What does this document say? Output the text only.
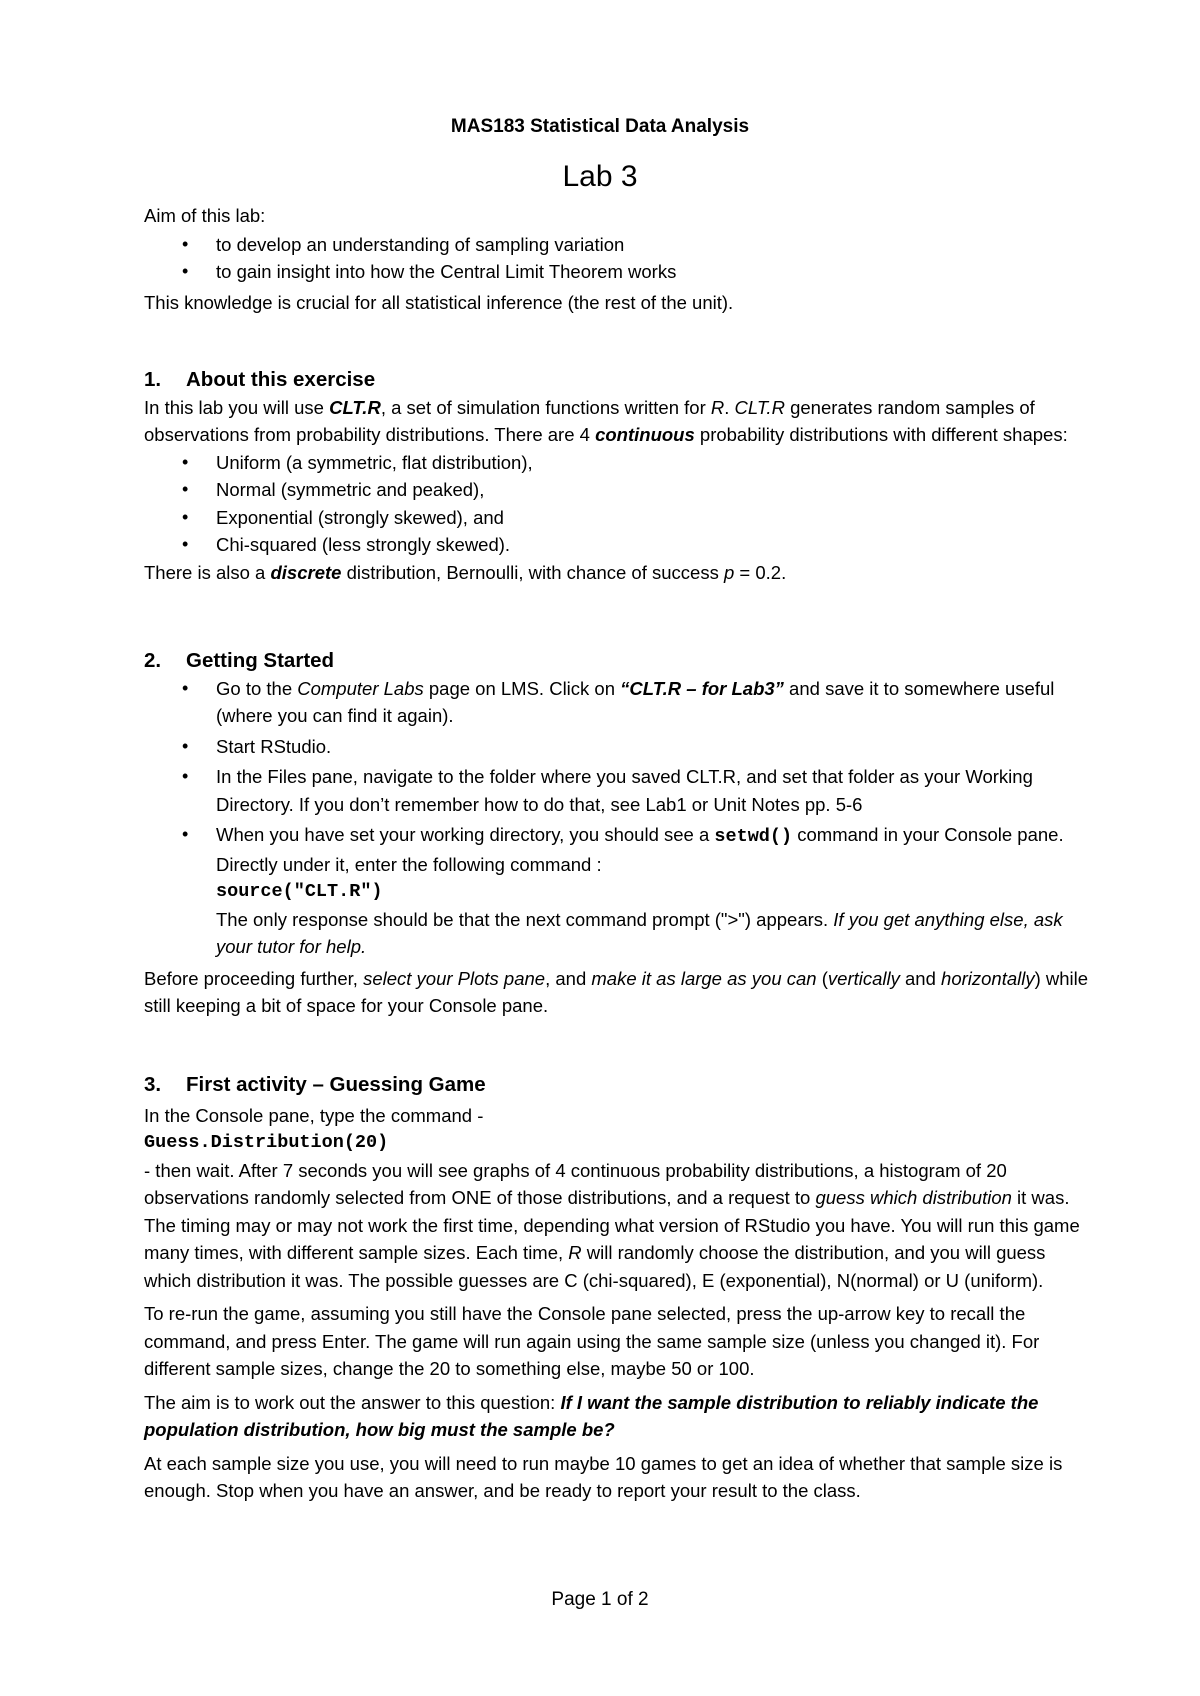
MAS183 Statistical Data Analysis
Lab 3
Aim of this lab:
• to develop an understanding of sampling variation
• to gain insight into how the Central Limit Theorem works
This knowledge is crucial for all statistical inference (the rest of the unit).
1. About this exercise
In this lab you will use CLT.R, a set of simulation functions written for R. CLT.R generates random samples of observations from probability distributions. There are 4 continuous probability distributions with different shapes:
• Uniform (a symmetric, flat distribution),
• Normal (symmetric and peaked),
• Exponential (strongly skewed), and
• Chi-squared (less strongly skewed).
There is also a discrete distribution, Bernoulli, with chance of success p = 0.2.
2. Getting Started
• Go to the Computer Labs page on LMS. Click on “CLT.R – for Lab3” and save it to somewhere useful (where you can find it again).
• Start RStudio.
• In the Files pane, navigate to the folder where you saved CLT.R, and set that folder as your Working Directory. If you don’t remember how to do that, see Lab1 or Unit Notes pp. 5-6
• When you have set your working directory, you should see a setwd() command in your Console pane. Directly under it, enter the following command :
source("CLT.R")
The only response should be that the next command prompt (">") appears. If you get anything else, ask your tutor for help.
Before proceeding further, select your Plots pane, and make it as large as you can (vertically and horizontally) while still keeping a bit of space for your Console pane.
3. First activity – Guessing Game
In the Console pane, type the command -
Guess.Distribution(20)
- then wait. After 7 seconds you will see graphs of 4 continuous probability distributions, a histogram of 20 observations randomly selected from ONE of those distributions, and a request to guess which distribution it was. The timing may or may not work the first time, depending what version of RStudio you have. You will run this game many times, with different sample sizes. Each time, R will randomly choose the distribution, and you will guess which distribution it was. The possible guesses are C (chi-squared), E (exponential), N(normal) or U (uniform).
To re-run the game, assuming you still have the Console pane selected, press the up-arrow key to recall the command, and press Enter. The game will run again using the same sample size (unless you changed it). For different sample sizes, change the 20 to something else, maybe 50 or 100.
The aim is to work out the answer to this question: If I want the sample distribution to reliably indicate the population distribution, how big must the sample be?
At each sample size you use, you will need to run maybe 10 games to get an idea of whether that sample size is enough. Stop when you have an answer, and be ready to report your result to the class.
Page 1 of 2
